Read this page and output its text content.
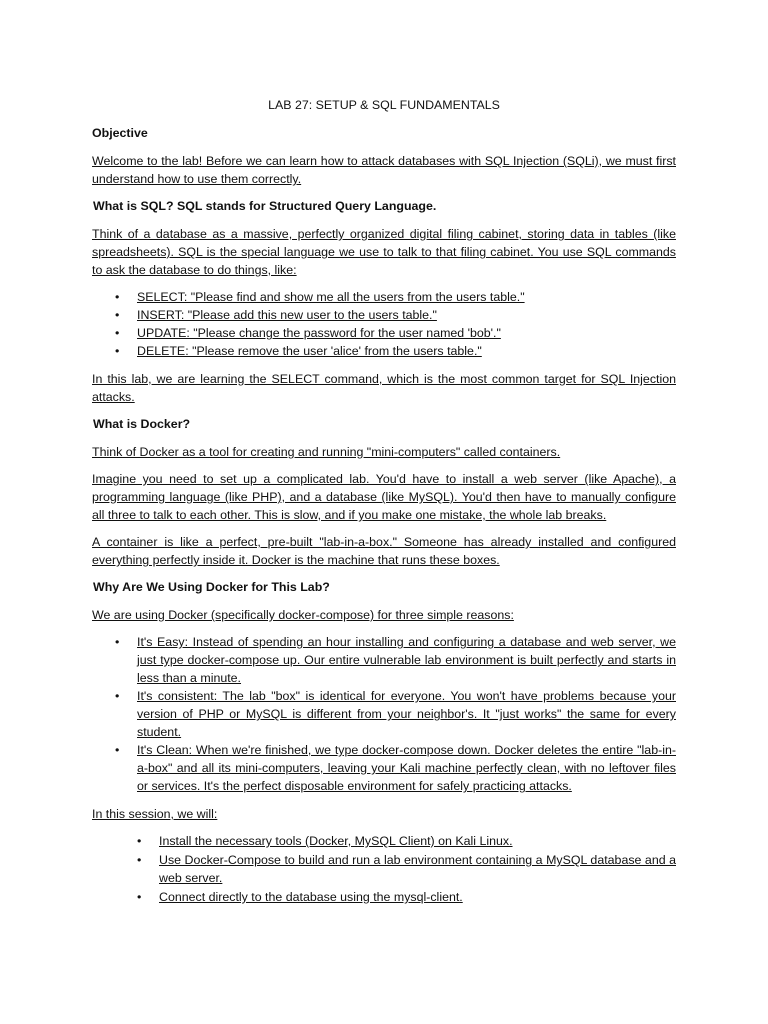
LAB 27: SETUP & SQL FUNDAMENTALS
Objective

Welcome to the lab! Before we can learn how to attack databases with SQL Injection (SQLi), we must first understand how to use them correctly.

What is SQL? SQL stands for Structured Query Language.

Think of a database as a massive, perfectly organized digital filing cabinet, storing data in tables (like spreadsheets). SQL is the special language we use to talk to that filing cabinet. You use SQL commands to ask the database to do things, like:

• SELECT: "Please find and show me all the users from the users table."
• INSERT: "Please add this new user to the users table."
• UPDATE: "Please change the password for the user named 'bob'."
• DELETE: "Please remove the user 'alice' from the users table."

In this lab, we are learning the SELECT command, which is the most common target for SQL Injection attacks.

What is Docker?

Think of Docker as a tool for creating and running "mini-computers" called containers.

Imagine you need to set up a complicated lab. You'd have to install a web server (like Apache), a programming language (like PHP), and a database (like MySQL). You'd then have to manually configure all three to talk to each other. This is slow, and if you make one mistake, the whole lab breaks.

A container is like a perfect, pre-built "lab-in-a-box." Someone has already installed and configured everything perfectly inside it. Docker is the machine that runs these boxes.

Why Are We Using Docker for This Lab?

We are using Docker (specifically docker-compose) for three simple reasons:

• It's Easy: Instead of spending an hour installing and configuring a database and web server, we just type docker-compose up. Our entire vulnerable lab environment is built perfectly and starts in less than a minute.
• It's consistent: The lab "box" is identical for everyone. You won't have problems because your version of PHP or MySQL is different from your neighbor's. It "just works" the same for every student.
• It's Clean: When we're finished, we type docker-compose down. Docker deletes the entire "lab-in-a-box" and all its mini-computers, leaving your Kali machine perfectly clean, with no leftover files or services. It's the perfect disposable environment for safely practicing attacks.

In this session, we will:

• Install the necessary tools (Docker, MySQL Client) on Kali Linux.
• Use Docker-Compose to build and run a lab environment containing a MySQL database and a web server.
• Connect directly to the database using the mysql-client.
